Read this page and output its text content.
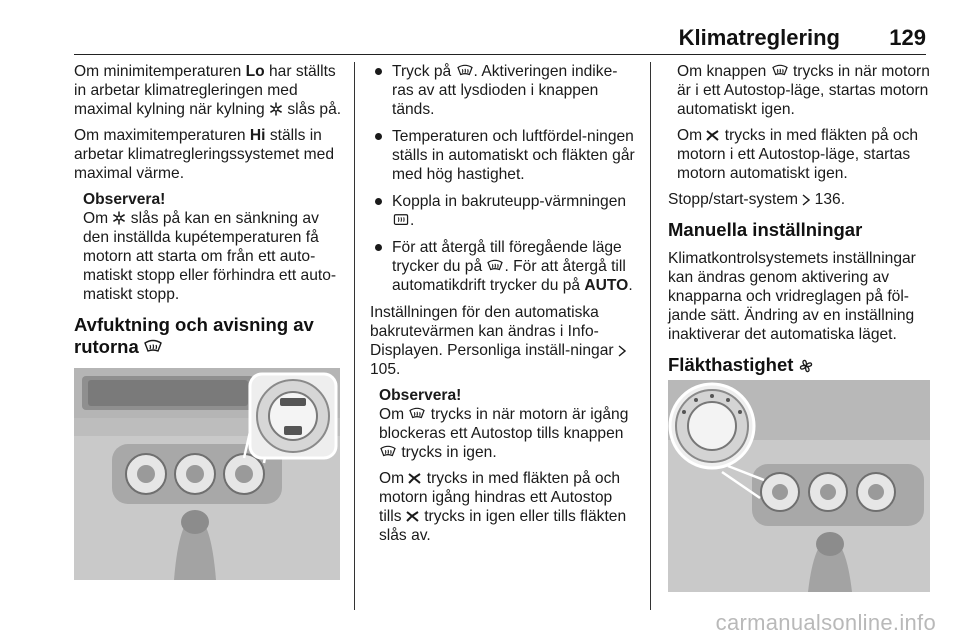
Klimatreglering 129

Om minimitemperaturen Lo har ställts in arbetar klimatregleringen med maximal kylning när kylning
slås på.

Om maximitemperaturen Hi ställs in arbetar klimatregleringssystemet med maximal värme.

Observera!
Om
slås på kan en sänkning av den inställda kupétemperaturen få motorn att starta om från ett auto-matiskt stopp eller förhindra ett auto-matiskt stopp.
Avfuktning och avisning av rutorna
Tryck på
. Aktiveringen indike-ras av att lysdioden i knappen tänds.
Temperaturen och luftfördel-ningen ställs in automatiskt och fläkten går med hög hastighet.
Koppla in bakruteupp-värmningen
.
För att återgå till föregående läge trycker du på
. För att återgå till automatikdrift trycker du på AUTO.

Inställningen för den automatiska bakrutevärmen kan ändras i Info-Displayen. Personliga inställ-ningar
105.

Observera!

Om
trycks in när motorn är igång blockeras ett Autostop tills knappen
trycks in igen.

Om
trycks in med fläkten på och motorn igång hindras ett Autostop tills
trycks in igen eller tills fläkten slås av.

Om knappen
trycks in när motorn är i ett Autostop-läge, startas motorn automatiskt igen.

Om
trycks in med fläkten på och motorn i ett Autostop-läge, startas motorn automatiskt igen.

Stopp/start-system
136.

Manuella inställningar

Klimatkontrolsystemets inställningar kan ändras genom aktivering av knapparna och vridreglagen på föl-jande sätt. Ändring av en inställning inaktiverar det automatiska läget.

Fläkthastighet
carmanualsonline.info
